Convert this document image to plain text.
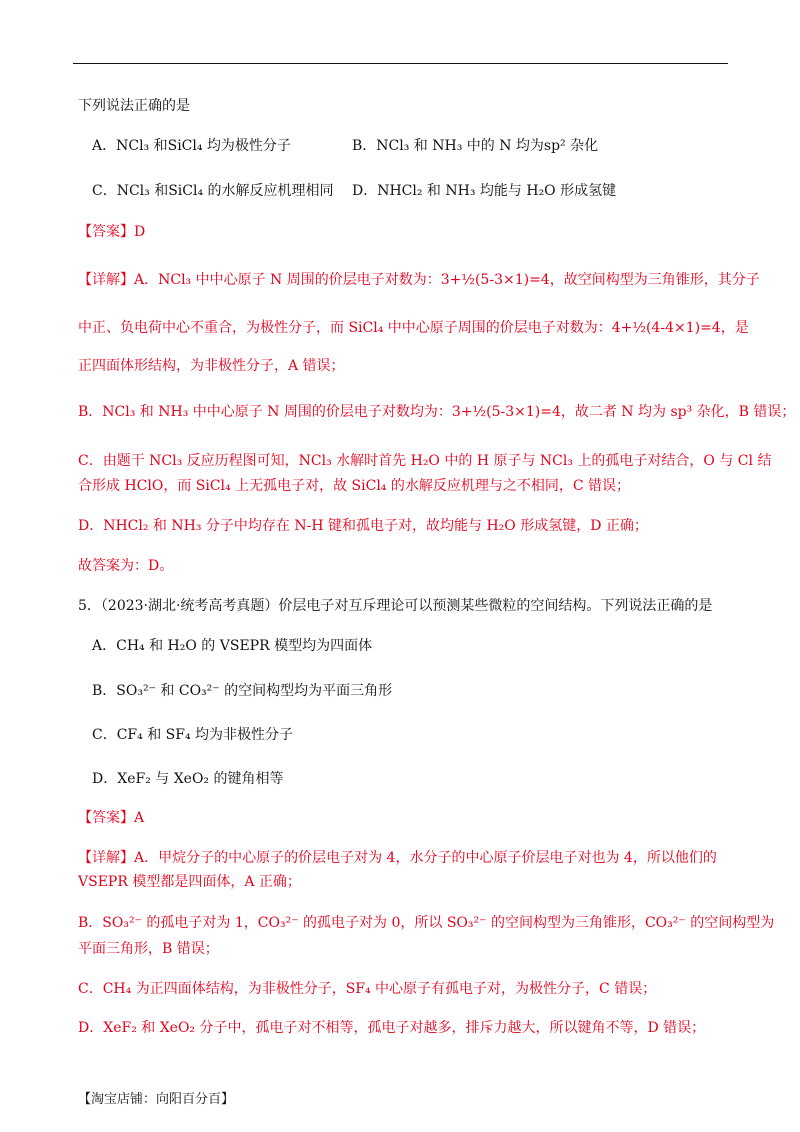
下列说法正确的是
A．NCl₃ 和SiCl₄ 均为极性分子	B．NCl₃ 和 NH₃ 中的 N 均为sp² 杂化
C．NCl₃ 和SiCl₄ 的水解反应机理相同 D．NHCl₂ 和 NH₃ 均能与 H₂O 形成氢键
【答案】D
【详解】A．NCl₃ 中中心原子 N 周围的价层电子对数为：3+½(5-3×1)=4，故空间构型为三角锥形，其分子
中正、负电荷中心不重合，为极性分子，而 SiCl₄ 中中心原子周围的价层电子对数为：4+½(4-4×1)=4，是
正四面体形结构，为非极性分子，A 错误；
B．NCl₃ 和 NH₃ 中中心原子 N 周围的价层电子对数均为：3+½(5-3×1)=4，故二者 N 均为 sp³ 杂化，B 错误；
C．由题干 NCl₃ 反应历程图可知，NCl₃ 水解时首先 H₂O 中的 H 原子与 NCl₃ 上的孤电子对结合，O 与 Cl 结
合形成 HClO，而 SiCl₄ 上无孤电子对，故 SiCl₄ 的水解反应机理与之不相同，C 错误；
D．NHCl₂ 和 NH₃ 分子中均存在 N-H 键和孤电子对，故均能与 H₂O 形成氢键，D 正确；
故答案为：D。
5．（2023·湖北·统考高考真题）价层电子对互斥理论可以预测某些微粒的空间结构。下列说法正确的是
A．CH₄ 和 H₂O 的 VSEPR 模型均为四面体
B．SO₃²⁻ 和 CO₃²⁻ 的空间构型均为平面三角形
C．CF₄ 和 SF₄ 均为非极性分子
D．XeF₂ 与 XeO₂ 的键角相等
【答案】A
【详解】A．甲烷分子的中心原子的价层电子对为 4，水分子的中心原子价层电子对也为 4，所以他们的
VSEPR 模型都是四面体，A 正确；
B．SO₃²⁻ 的孤电子对为 1，CO₃²⁻ 的孤电子对为 0，所以 SO₃²⁻ 的空间构型为三角锥形，CO₃²⁻ 的空间构型为
平面三角形，B 错误；
C．CH₄ 为正四面体结构，为非极性分子，SF₄ 中心原子有孤电子对，为极性分子，C 错误；
D．XeF₂ 和 XeO₂ 分子中，孤电子对不相等，孤电子对越多，排斥力越大，所以键角不等，D 错误；
【淘宝店铺：向阳百分百】
